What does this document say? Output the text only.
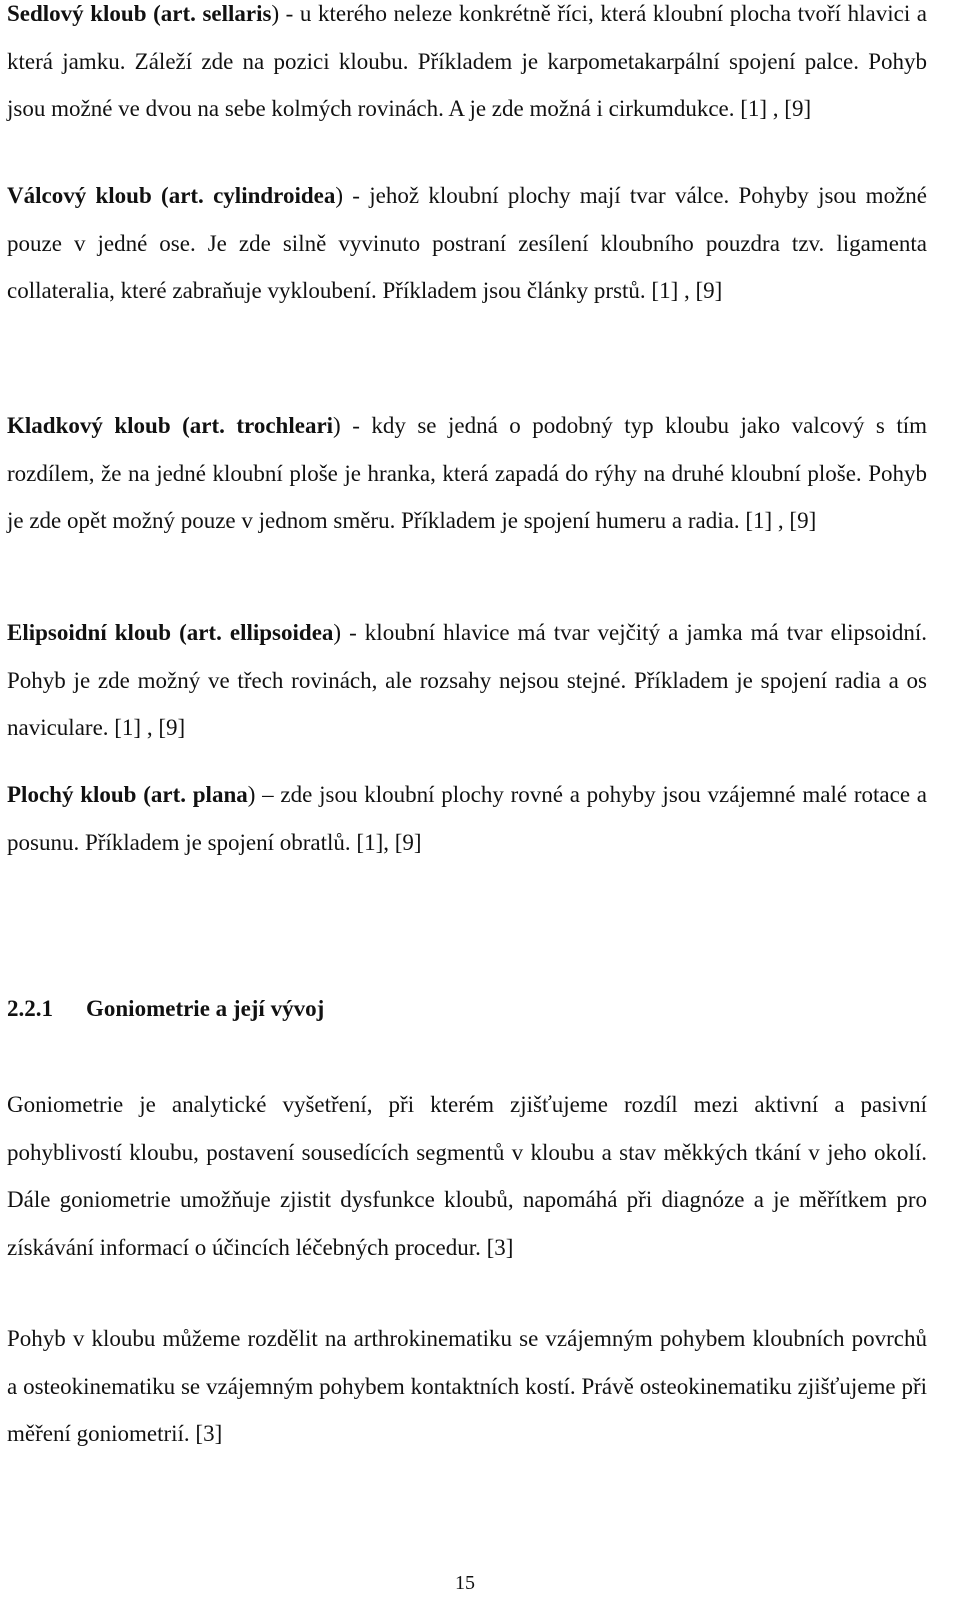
Sedlový kloub (art. sellaris) - u kterého neleze konkrétně říci, která kloubní plocha tvoří hlavici a která jamku. Záleží zde na pozici kloubu. Příkladem je karpometakarpální spojení palce. Pohyb jsou možné ve dvou na sebe kolmých rovinách. A je zde možná i cirkumdukce. [1] , [9]

Válcový kloub (art. cylindroidea) - jehož kloubní plochy mají tvar válce. Pohyby jsou možné pouze v jedné ose. Je zde silně vyvinuto postraní zesílení kloubního pouzdra tzv. ligamenta collateralia, které zabraňuje vykloubení. Příkladem jsou články prstů. [1] , [9]

Kladkový kloub (art. trochleari) - kdy se jedná o podobný typ kloubu jako valcový s tím rozdílem, že na jedné kloubní ploše je hranka, která zapadá do rýhy na druhé kloubní ploše. Pohyb je zde opět možný pouze v jednom směru. Příkladem je spojení humeru a radia. [1] , [9]

Elipsoidní kloub (art. ellipsoidea) - kloubní hlavice má tvar vejčitý a jamka má tvar elipsoidní. Pohyb je zde možný ve třech rovinách, ale rozsahy nejsou stejné. Příkladem je spojení radia a os naviculare. [1] , [9]

Plochý kloub (art. plana) – zde jsou kloubní plochy rovné a pohyby jsou vzájemné malé rotace a posunu. Příkladem je spojení obratlů. [1], [9]

2.2.1 Goniometrie a její vývoj

Goniometrie je analytické vyšetření, při kterém zjišťujeme rozdíl mezi aktivní a pasivní pohyblivostí kloubu, postavení sousedících segmentů v kloubu a stav měkkých tkání v jeho okolí. Dále goniometrie umožňuje zjistit dysfunkce kloubů, napomáhá při diagnóze a je měřítkem pro získávání informací o účincích léčebných procedur. [3]

Pohyb v kloubu můžeme rozdělit na arthrokinematiku se vzájemným pohybem kloubních povrchů a osteokinematiku se vzájemným pohybem kontaktních kostí. Právě osteokinematiku zjišťujeme při měření goniometrií. [3]

15
